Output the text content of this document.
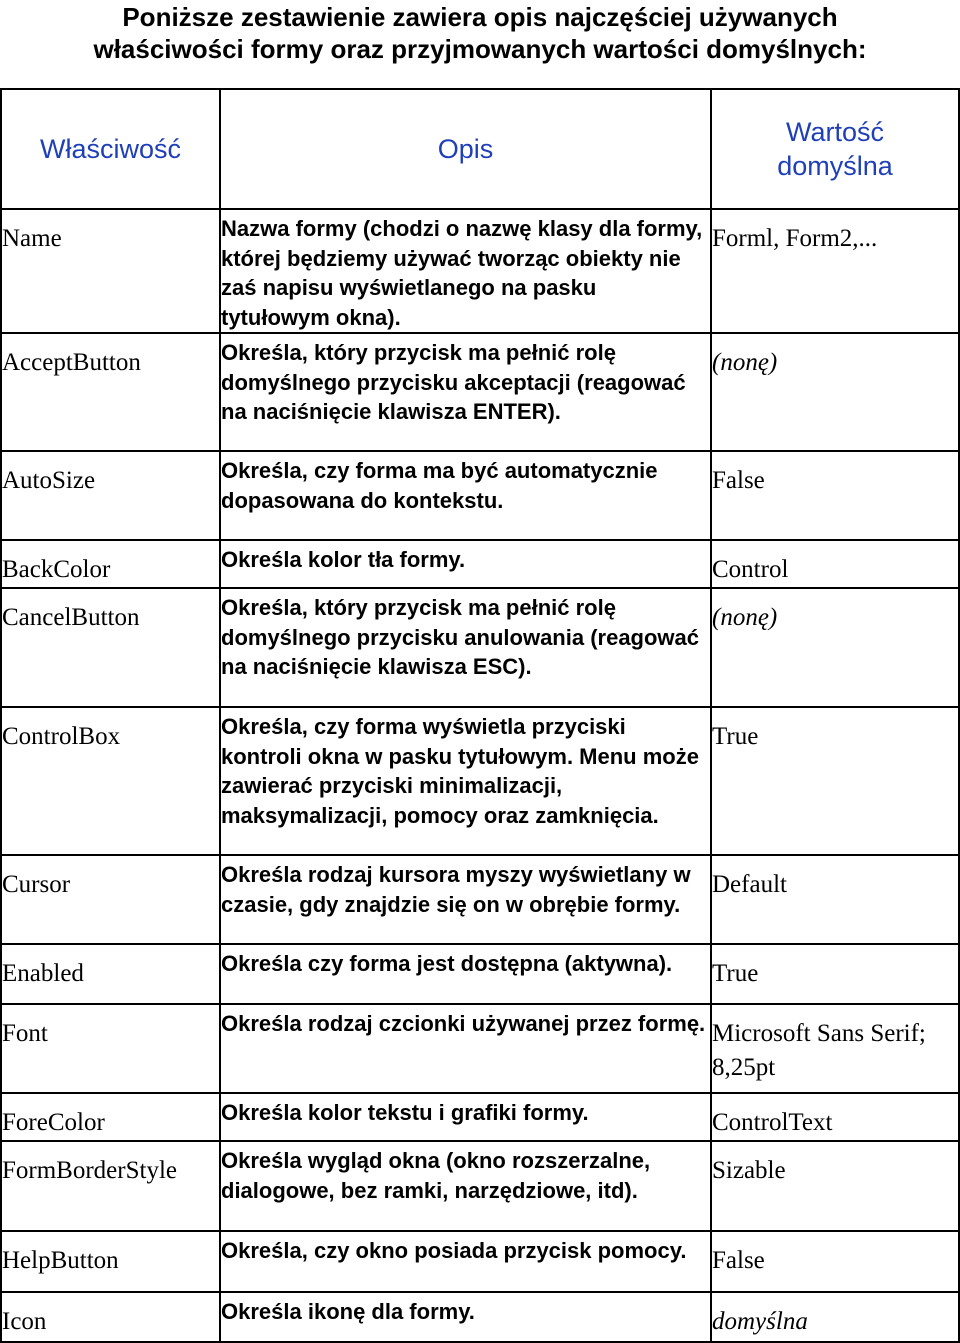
Poniższe zestawienie zawiera opis najczęściej używanych
właściwości formy oraz przyjmowanych wartości domyślnych:
Właściwość	Opis	Wartość domyślna

Name	Nazwa formy (chodzi o nazwę klasy dla formy, której będziemy używać tworząc obiekty nie zaś napisu wyświetlanego na pasku tytułowym okna).	Forml, Form2,...

AcceptButton	Określa, który przycisk ma pełnić rolę domyślnego przycisku akceptacji (reagować na naciśnięcie klawisza ENTER).	(nonę)

AutoSize	Określa, czy forma ma być automatycznie dopasowana do kontekstu.	False

BackColor	Określa kolor tła formy.	Control

CancelButton	Określa, który przycisk ma pełnić rolę domyślnego przycisku anulowania (reagować na naciśnięcie klawisza ESC).	(nonę)

ControlBox	Określa, czy forma wyświetla przyciski kontroli okna w pasku tytułowym. Menu może zawierać przyciski minimalizacji, maksymalizacji, pomocy oraz zamknięcia.	True

Cursor	Określa rodzaj kursora myszy wyświetlany w czasie, gdy znajdzie się on w obrębie formy.	Default

Enabled	Określa czy forma jest dostępna (aktywna).	True

Font	Określa rodzaj czcionki używanej przez formę.	Microsoft Sans Serif; 8,25pt

ForeColor	Określa kolor tekstu i grafiki formy.	ControlText

FormBorderStyle	Określa wygląd okna (okno rozszerzalne, dialogowe, bez ramki, narzędziowe, itd).	Sizable

HelpButton	Określa, czy okno posiada przycisk pomocy.	False

Icon	Określa ikonę dla formy.	domyślna
